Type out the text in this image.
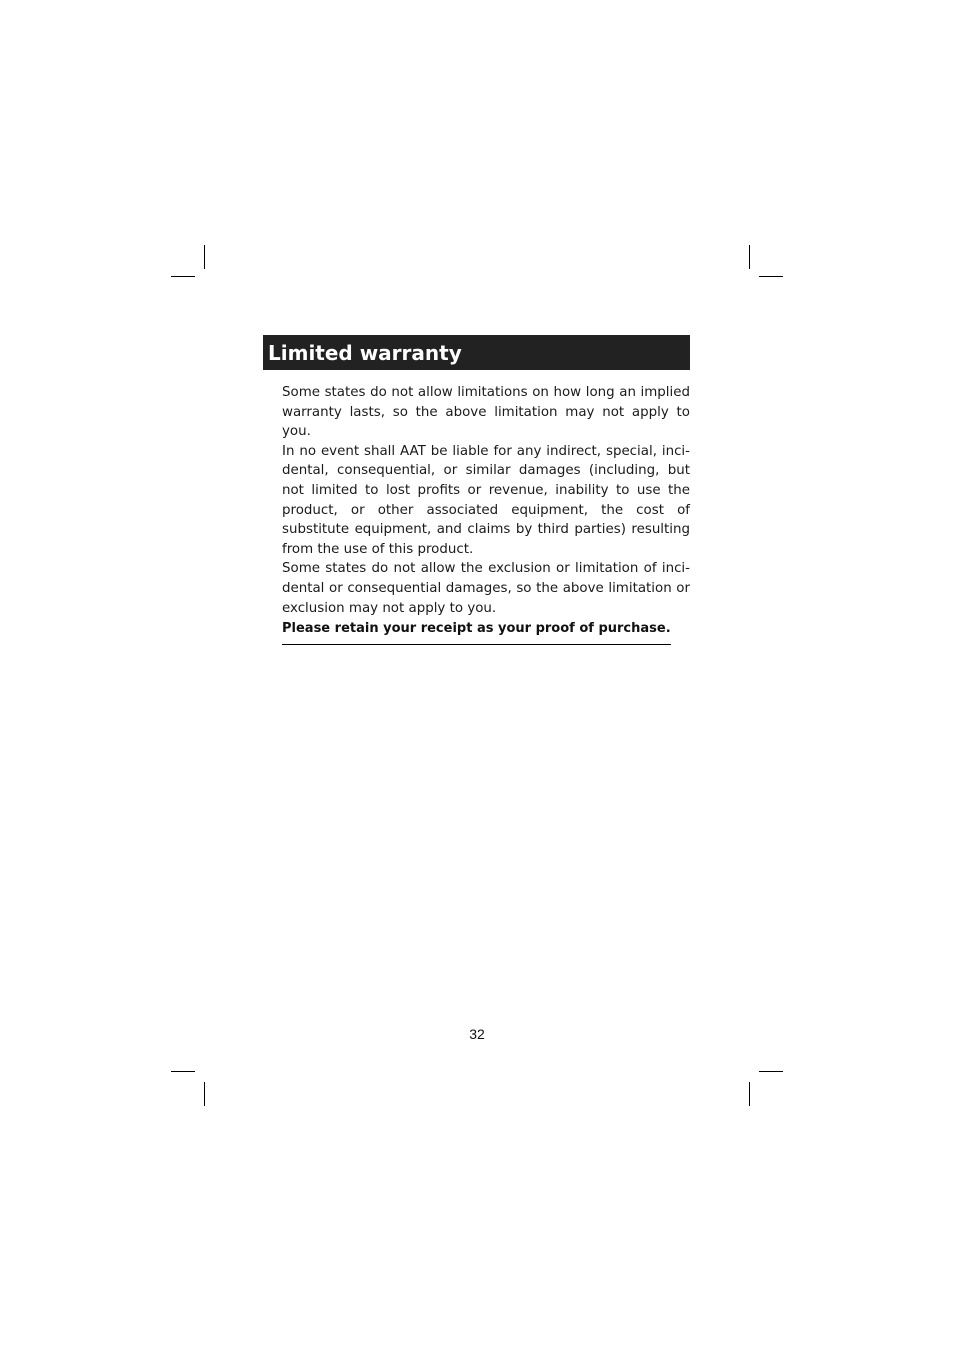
Limited warranty

Some states do not allow limitations on how long an implied warranty lasts, so the above limitation may not apply to you.

In no event shall AAT be liable for any indirect, special, incidental, consequential, or similar damages (including, but not limited to lost profits or revenue, inability to use the product, or other associated equipment, the cost of substitute equipment, and claims by third parties) resulting from the use of this product.

Some states do not allow the exclusion or limitation of incidental or consequential damages, so the above limitation or exclusion may not apply to you.

Please retain your receipt as your proof of purchase.
32
